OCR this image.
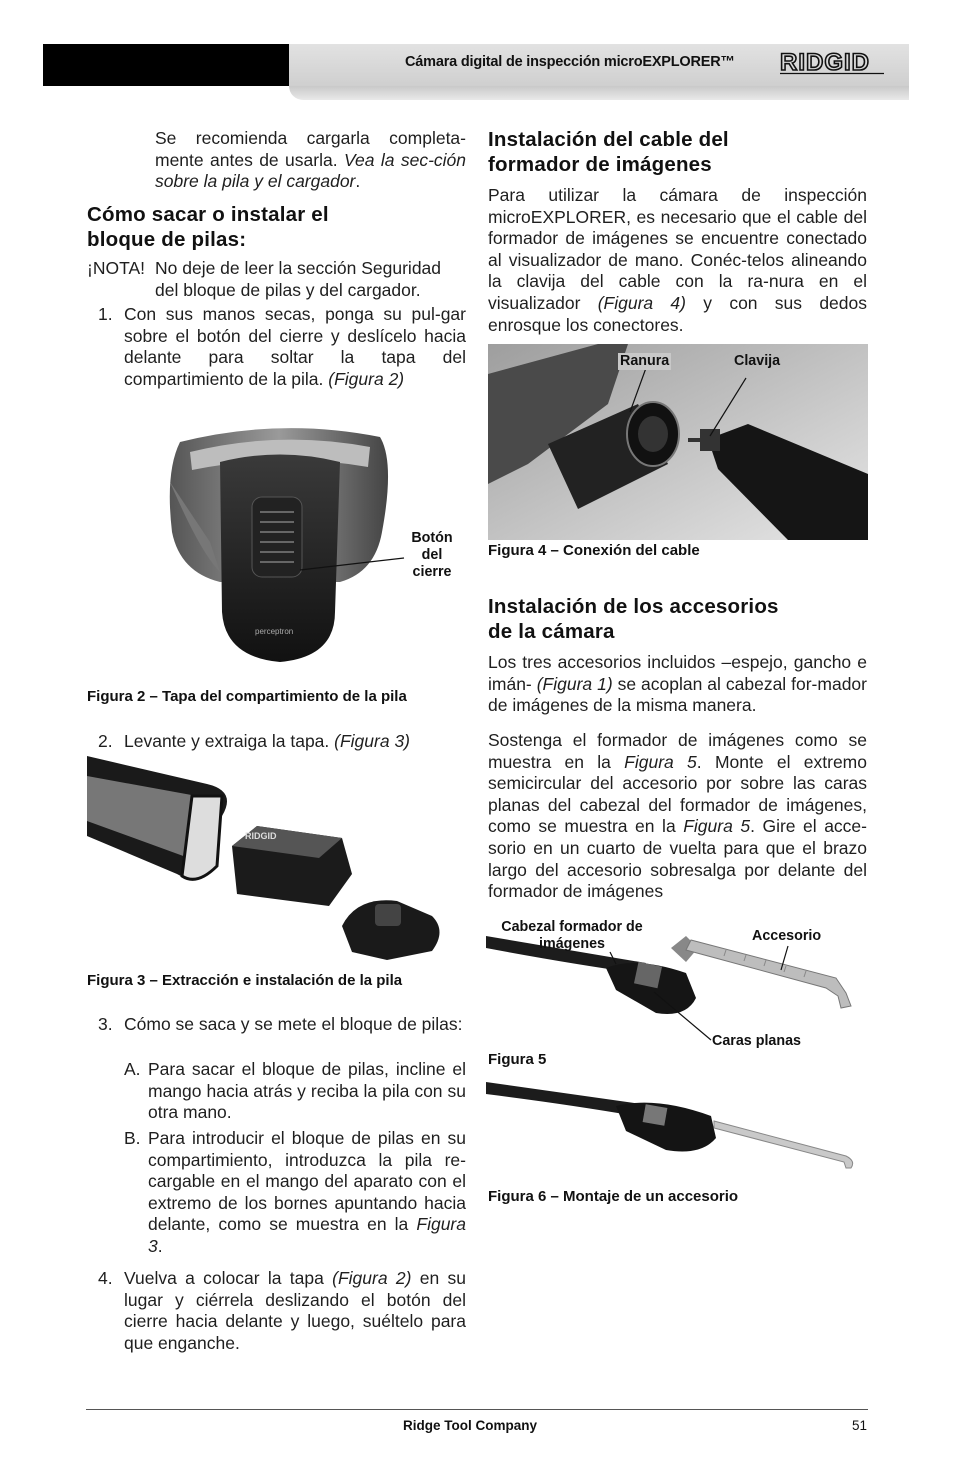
Cámara digital de inspección microEXPLORER™ RIDGID
Se recomienda cargarla completa-mente antes de usarla. Vea la sec-ción sobre la pila y el cargador.
Cómo sacar o instalar el
bloque de pilas:
¡NOTA! No deje de leer la sección Seguridad del bloque de pilas y del cargador.
1. Con sus manos secas, ponga su pul-gar sobre el botón del cierre y deslícelo hacia delante para soltar la tapa del compartimiento de la pila. (Figura 2)
perceptron
Botón
del
cierre
Figura 2 – Tapa del compartimiento de la pila
2. Levante y extraiga la tapa. (Figura 3)
RIDGID
Figura 3 – Extracción e instalación de la pila
3. Cómo se saca y se mete el bloque de pilas:
A. Para sacar el bloque de pilas, incline el mango hacia atrás y reciba la pila con su otra mano.
B. Para introducir el bloque de pilas en su compartimiento, introduzca la pila re-cargable en el mango del aparato con el extremo de los bornes apuntando hacia delante, como se muestra en la Figura 3.
4. Vuelva a colocar la tapa (Figura 2) en su lugar y ciérrela deslizando el botón del cierre hacia delante y luego, suéltelo para que enganche.
Instalación del cable del
formador de imágenes
Para utilizar la cámara de inspección microEXPLORER, es necesario que el cable del formador de imágenes se encuentre conectado al visualizador de mano. Conéc-telos alineando la clavija del cable con la ra-nura en el visualizador (Figura 4) y con sus dedos enrosque los conectores.
Ranura	Clavija
Figura 4 – Conexión del cable
Instalación de los accesorios
de la cámara
Los tres accesorios incluidos –espejo, gancho e imán- (Figura 1) se acoplan al cabezal for-mador de imágenes de la misma manera.
Sostenga el formador de imágenes como se muestra en la Figura 5. Monte el extremo semicircular del accesorio por sobre las caras planas del cabezal del formador de imágenes, como se muestra en la Figura 5. Gire el acce-sorio en un cuarto de vuelta para que el brazo largo del accesorio sobresalga por delante del formador de imágenes
Cabezal formador de
imágenes	Accesorio
Caras planas
Figura 5
Figura 6 – Montaje de un accesorio
Ridge Tool Company	51
